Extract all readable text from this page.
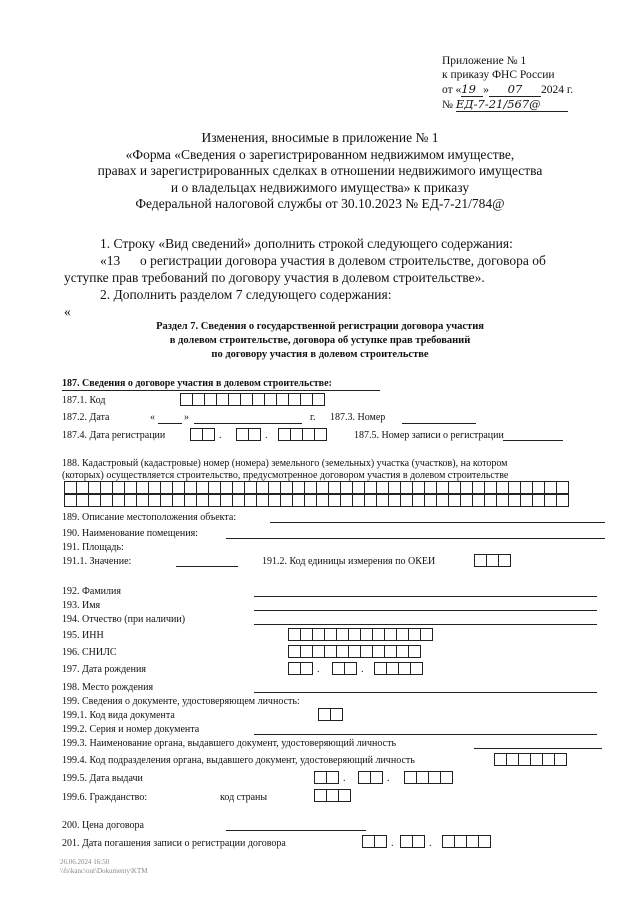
Приложение № 1
к приказу ФНС России
от «19 » 07 2024 г.
№ ЕД-7-21/567@
Изменения, вносимые в приложение № 1
«Форма «Сведения о зарегистрированном недвижимом имуществе,
правах и зарегистрированных сделках в отношении недвижимого имущества
и о владельцах недвижимого имущества» к приказу
Федеральной налоговой службы от 30.10.2023 № ЕД-7-21/784@
1. Строку «Вид сведений» дополнить строкой следующего содержания:
«13 о регистрации договора участия в долевом строительстве, договора об
уступке прав требований по договору участия в долевом строительстве».
2. Дополнить разделом 7 следующего содержания:
«
Раздел 7. Сведения о государственной регистрации договора участия
в долевом строительстве, договора об уступке прав требований
по договору участия в долевом строительстве
187. Сведения о договоре участия в долевом строительстве:
187.1. Код
187.2. Дата	«	»	г. 187.3. Номер
187.4. Дата регистрации	.	.	187.5. Номер записи о регистрации
188. Кадастровый (кадастровые) номер (номера) земельного (земельных) участка (участков), на котором
(которых) осуществляется строительство, предусмотренное договором участия в долевом строительстве
189. Описание местоположения объекта:
190. Наименование помещения:
191. Площадь:
191.1. Значение:	191.2. Код единицы измерения по ОКЕИ
192. Фамилия
193. Имя
194. Отчество (при наличии)
195. ИНН
196. СНИЛС
197. Дата рождения	.	.
198. Место рождения
199. Сведения о документе, удостоверяющем личность:
199.1. Код вида документа
199.2. Серия и номер документа
199.3. Наименование органа, выдавшего документ, удостоверяющий личность
199.4. Код подразделения органа, выдавшего документ, удостоверяющий личность
199.5. Дата выдачи	.	.
199.6. Гражданство:	код страны
200. Цена договора
201. Дата погашения записи о регистрации договора	.	.
26.06.2024 16:50
\\fs\kanc\out\Dokumenty\KTM
